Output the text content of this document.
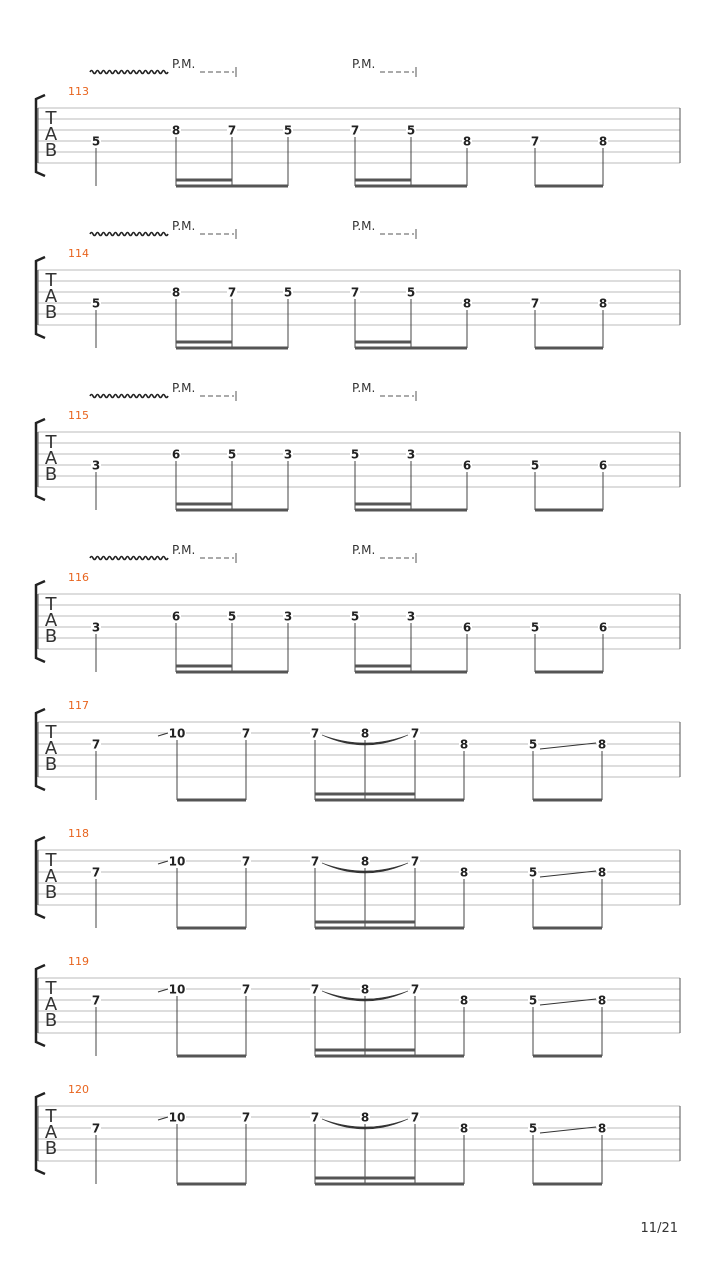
113
T
A
B
P.M.	P.M.
5
8	7	5	7	5
8	7	8
114
T
A
B
P.M.	P.M.
5
8	7	5	7	5
8	7	8
115
T
A
B
P.M.	P.M.
3
6	5	3	5	3
6	5	6
116
T
A
B
P.M.	P.M.
3
6	5	3	5	3
6	5	6
117
T
A
B
7
10	7	7	8	7
8	5	8
118
T
A
B
7
10	7	7	8	7
8	5	8
119
T
A
B
7
10	7	7	8	7
8	5	8
120
T
A
B
7
10	7	7	8	7
8	5	8
11/21
